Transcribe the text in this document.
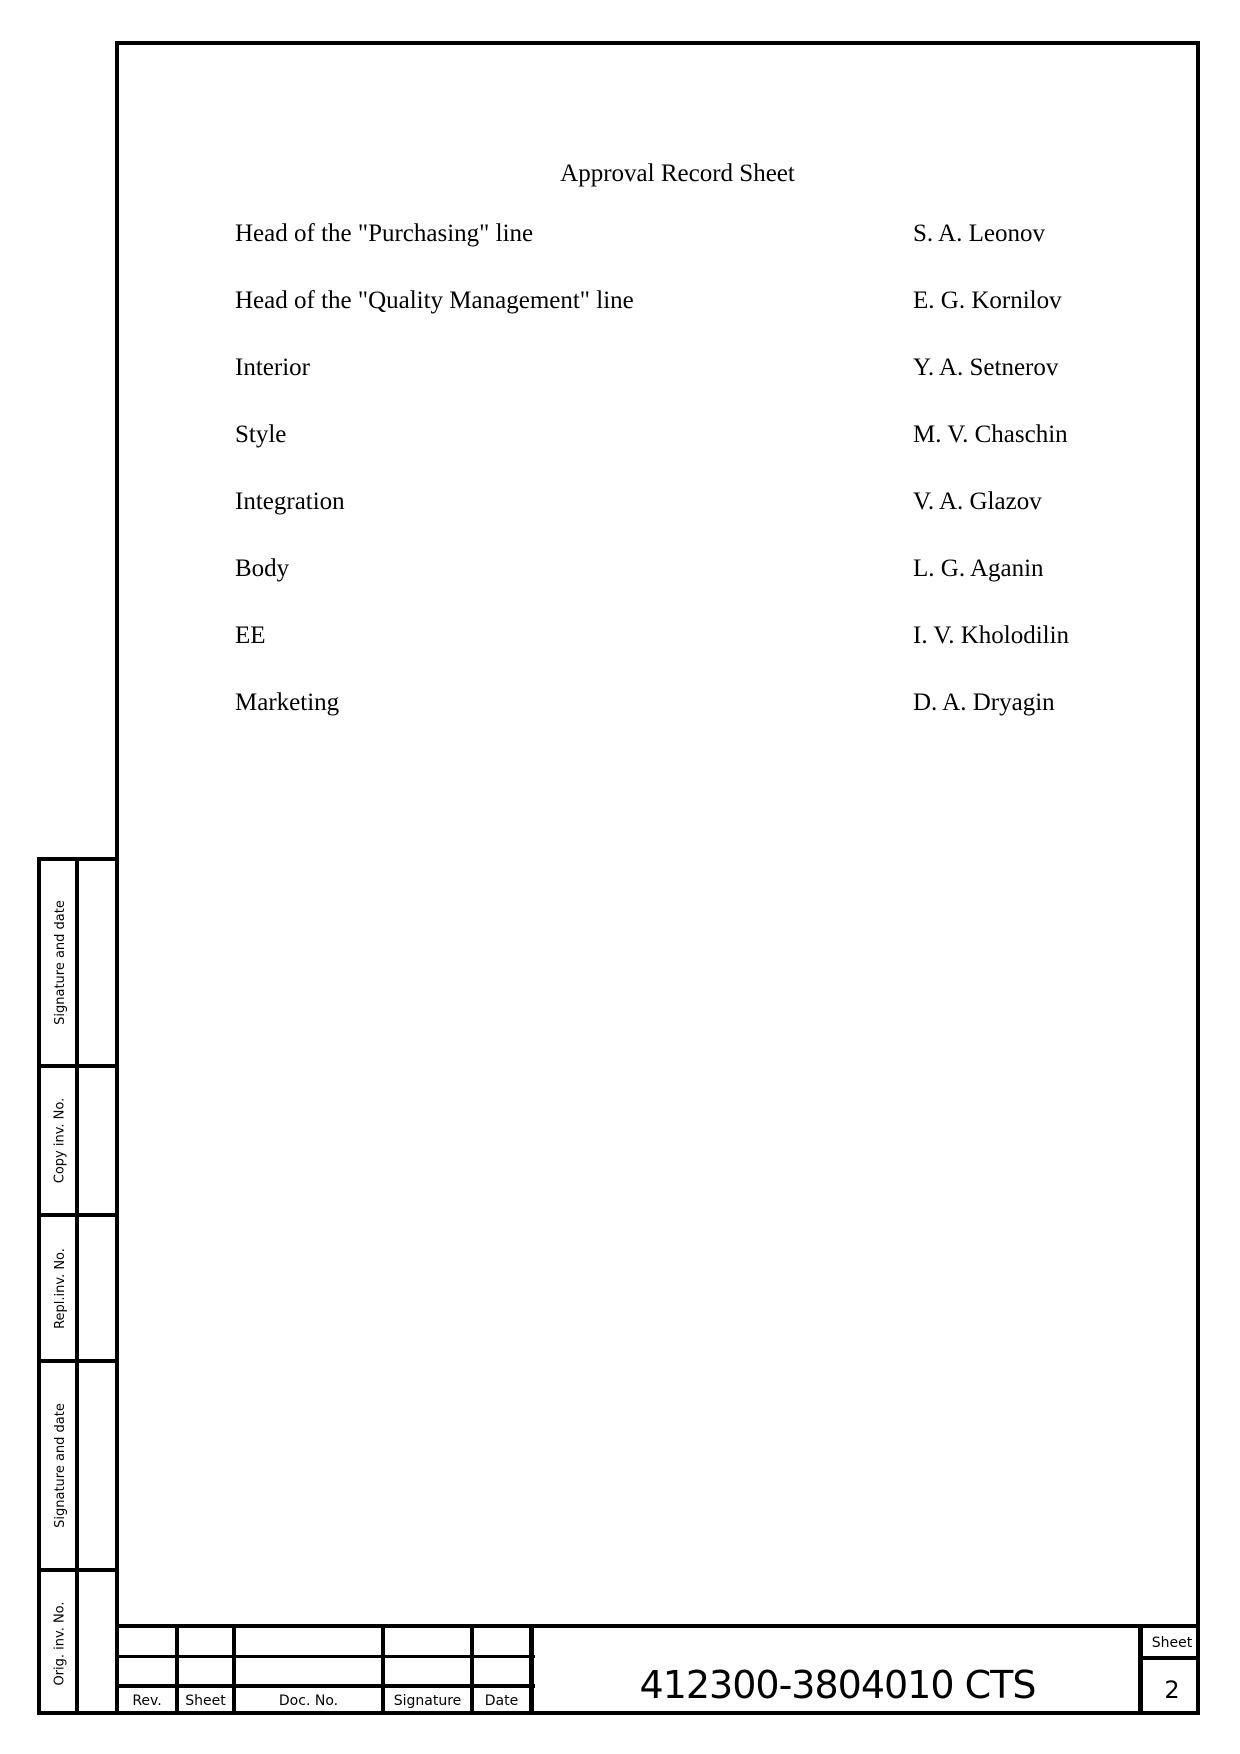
Approval Record Sheet
Head of the "Purchasing" line	S. A. Leonov
Head of the "Quality Management" line	E. G. Kornilov
Interior	Y. A. Setnerov
Style	M. V. Chaschin
Integration	V. A. Glazov
Body	L. G. Aganin
EE	I. V. Kholodilin
Marketing	D. A. Dryagin
Signature and date
Copy inv. No.
Repl.inv. No.
Signature and date
Orig. inv. No.
Rev.	Sheet	Doc. No.	Signature	Date	412300-3804010 CTS
Sheet
2
